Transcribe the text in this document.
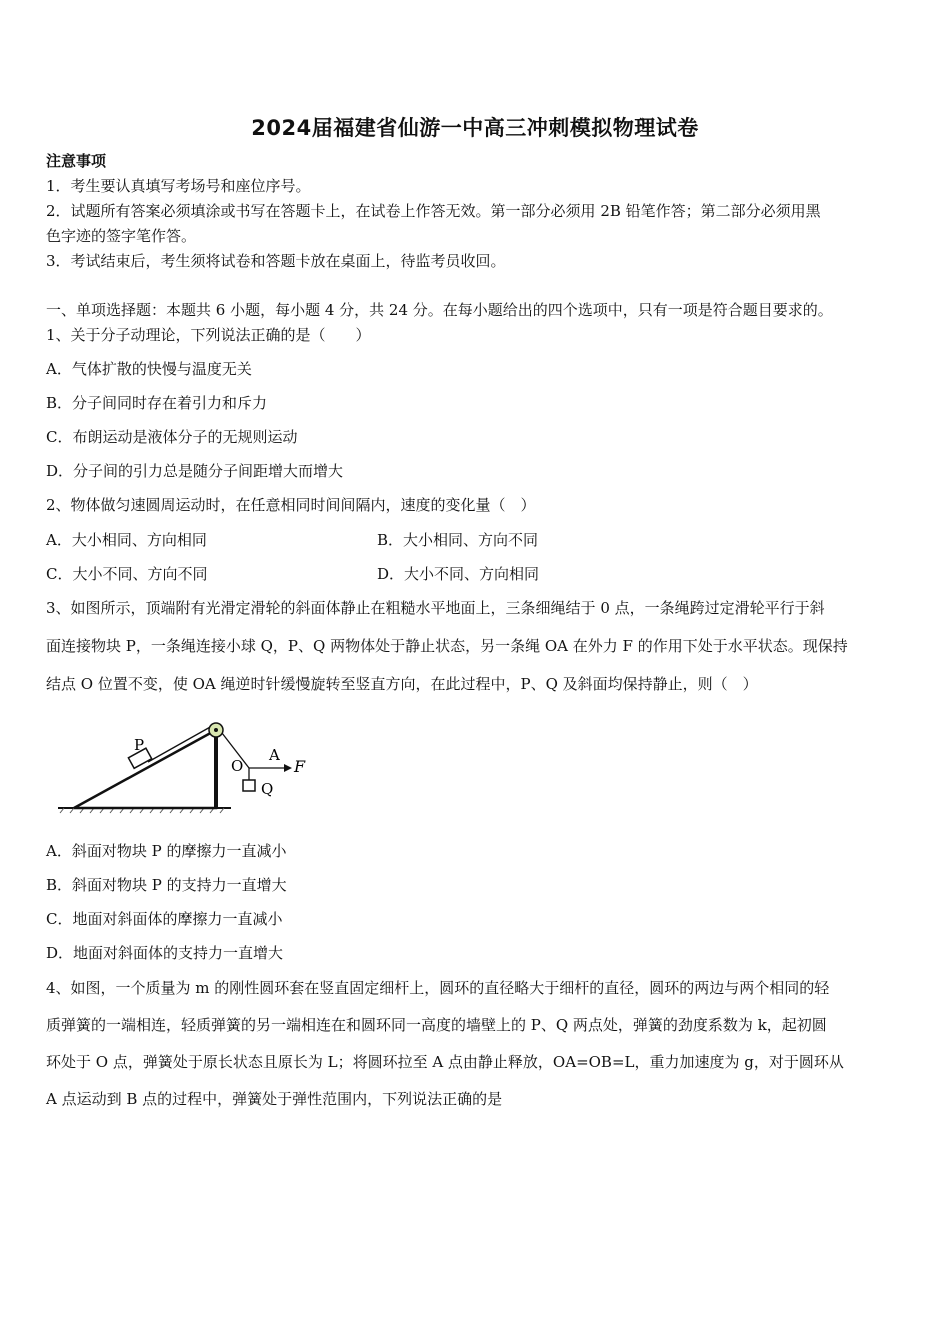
2024届福建省仙游一中高三冲刺模拟物理试卷
注意事项
1．考生要认真填写考场号和座位序号。
2．试题所有答案必须填涂或书写在答题卡上，在试卷上作答无效。第一部分必须用 2B 铅笔作答；第二部分必须用黑
色字迹的签字笔作答。
3．考试结束后，考生须将试卷和答题卡放在桌面上，待监考员收回。
一、单项选择题：本题共 6 小题，每小题 4 分，共 24 分。在每小题给出的四个选项中，只有一项是符合题目要求的。
1、关于分子动理论，下列说法正确的是（　　）
A．气体扩散的快慢与温度无关
B．分子间同时存在着引力和斥力
C．布朗运动是液体分子的无规则运动
D．分子间的引力总是随分子间距增大而增大
2、物体做匀速圆周运动时，在任意相同时间间隔内，速度的变化量（　）
A．大小相同、方向相同	B．大小相同、方向不同
C．大小不同、方向不同	D．大小不同、方向相同
3、如图所示，顶端附有光滑定滑轮的斜面体静止在粗糙水平地面上，三条细绳结于 0 点，一条绳跨过定滑轮平行于斜
面连接物块 P，一条绳连接小球 Q，P、Q 两物体处于静止状态，另一条绳 OA 在外力 F 的作用下处于水平状态。现保持
结点 O 位置不变，使 OA 绳逆时针缓慢旋转至竖直方向，在此过程中，P、Q 及斜面均保持静止，则（　）
P
O
A
F
Q
A．斜面对物块 P 的摩擦力一直减小
B．斜面对物块 P 的支持力一直增大
C．地面对斜面体的摩擦力一直减小
D．地面对斜面体的支持力一直增大
4、如图，一个质量为 m 的刚性圆环套在竖直固定细杆上，圆环的直径略大于细杆的直径，圆环的两边与两个相同的轻
质弹簧的一端相连，轻质弹簧的另一端相连在和圆环同一高度的墙壁上的 P、Q 两点处，弹簧的劲度系数为 k，起初圆
环处于 O 点，弹簧处于原长状态且原长为 L；将圆环拉至 A 点由静止释放，OA=OB=L，重力加速度为 g，对于圆环从
A 点运动到 B 点的过程中，弹簧处于弹性范围内，下列说法正确的是
